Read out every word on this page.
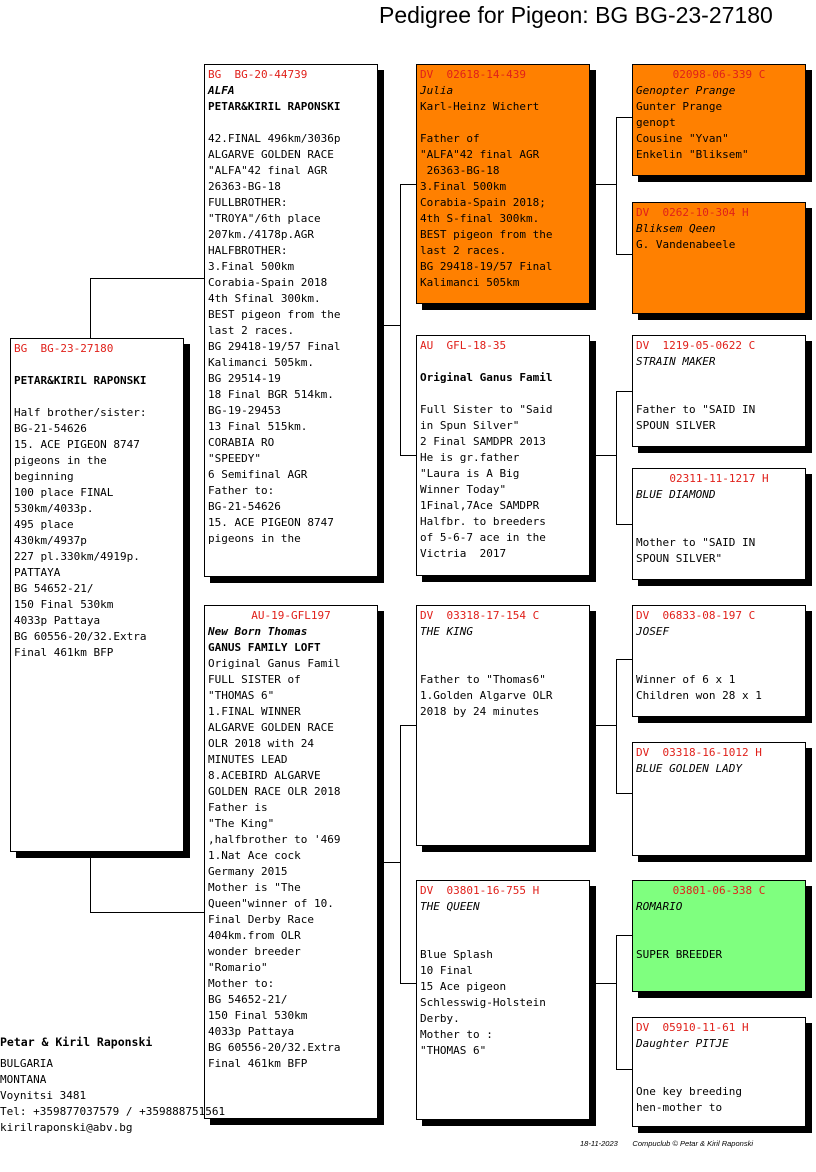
Pedigree for Pigeon: BG BG-23-27180
BG  BG-23-27180
PETAR&KIRIL RAPONSKI
Half brother/sister:
BG-21-54626
15. ACE PIGEON 8747
pigeons in the
beginning
100 place FINAL
530km/4033p.
495 place
430km/4937p
227 pl.330km/4919p.
PATTAYA
BG 54652-21/
150 Final 530km
4033p Pattaya
BG 60556-20/32.Extra
Final 461km BFP
BG  BG-20-44739
ALFA
PETAR&KIRIL RAPONSKI
42.FINAL 496km/3036p
ALGARVE GOLDEN RACE
"ALFA"42 final AGR
26363-BG-18
FULLBROTHER:
"TROYA"/6th place
207km./4178p.AGR
HALFBROTHER:
3.Final 500km
Corabia-Spain 2018
4th Sfinal 300km.
BEST pigeon from the
last 2 races.
BG 29418-19/57 Final
Kalimanci 505km.
BG 29514-19
18 Final BGR 514km.
BG-19-29453
13 Final 515km.
CORABIA RO
"SPEEDY"
6 Semifinal AGR
Father to:
BG-21-54626
15. ACE PIGEON 8747
pigeons in the
AU-19-GFL197
New Born Thomas
GANUS FAMILY LOFT
Original Ganus Famil
FULL SISTER of
"THOMAS 6"
1.FINAL WINNER
ALGARVE GOLDEN RACE
OLR 2018 with 24
MINUTES LEAD
8.ACEBIRD ALGARVE
GOLDEN RACE OLR 2018
Father is
"The King"
,halfbrother to '469
1.Nat Ace cock
Germany 2015
Mother is "The
Queen"winner of 10.
Final Derby Race
404km.from OLR
wonder breeder
"Romario"
Mother to:
BG 54652-21/
150 Final 530km
4033p Pattaya
BG 60556-20/32.Extra
Final 461km BFP
DV  02618-14-439
Julia
Karl-Heinz Wichert
Father of
"ALFA"42 final AGR
26363-BG-18
3.Final 500km
Corabia-Spain 2018;
4th S-final 300km.
BEST pigeon from the
last 2 races.
BG 29418-19/57 Final
Kalimanci 505km
AU  GFL-18-35
Original Ganus Famil
Full Sister to "Said
in Spun Silver"
2 Final SAMDPR 2013
He is gr.father
"Laura is A Big
Winner Today"
1Final,7Ace SAMDPR
Halfbr. to breeders
of 5-6-7 ace in the
Victria  2017
DV  03318-17-154 C
THE KING
Father to "Thomas6"
1.Golden Algarve OLR
2018 by 24 minutes
DV  03801-16-755 H
THE QUEEN
Blue Splash
10 Final
15 Ace pigeon
Schlesswig-Holstein
Derby.
Mother to :
"THOMAS 6"
02098-06-339 C
Genopter Prange
Gunter Prange
genopt
Cousine "Yvan"
Enkelin "Bliksem"
DV  0262-10-304 H
Bliksem Qeen
G. Vandenabeele
DV  1219-05-0622 C
STRAIN MAKER
Father to "SAID IN
SPOUN SILVER
02311-11-1217 H
BLUE DIAMOND
Mother to "SAID IN
SPOUN SILVER"
DV  06833-08-197 C
JOSEF
Winner of 6 x 1
Children won 28 x 1
DV  03318-16-1012 H
BLUE GOLDEN LADY
03801-06-338 C
ROMARIO
SUPER BREEDER
DV  05910-11-61 H
Daughter PITJE
One key breeding
hen-mother to
Petar & Kiril Raponski
BULGARIA
MONTANA
Voynitsi 3481
Tel: +359877037579 / +359888751561
kirilraponski@abv.bg
18-11-2023 Compuclub © Petar & Kiril Raponski
